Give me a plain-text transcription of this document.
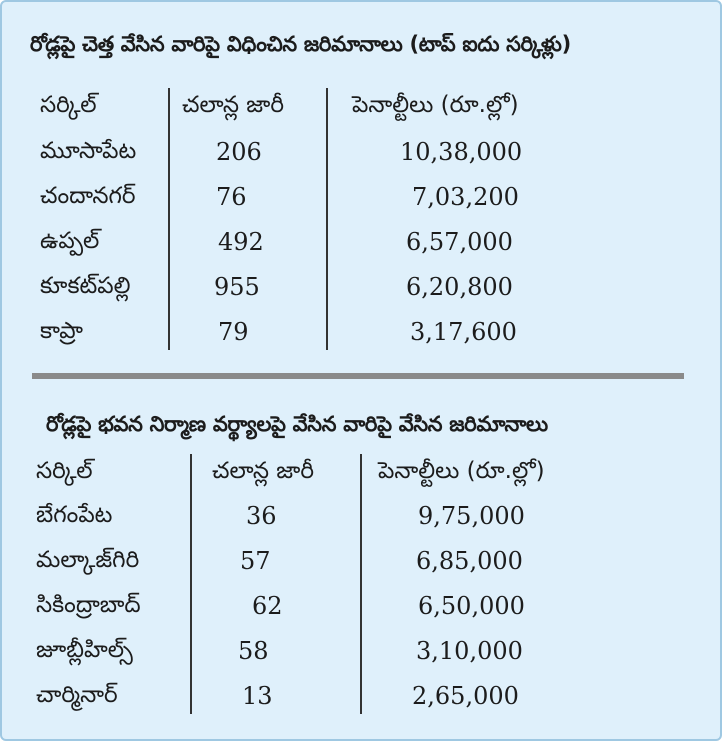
రోడ్లపై చెత్త వేసిన వారిపై విధించిన జరిమానాలు (టాప్ ఐదు సర్కిళ్లు)
సర్కిల్	చలాన్ల జారీ	పెనాల్టీలు (రూ.ల్లో)
మూసాపేట	206	10,38,000
చందానగర్	76	7,03,200
ఉప్పల్	492	6,57,000
కూకట్‌పల్లి	955	6,20,800
కాప్రా	79	3,17,600
రోడ్లపై భవన నిర్మాణ వర్థ్యాలపై వేసిన వారిపై వేసిన జరిమానాలు
సర్కిల్	చలాన్ల జారీ	పెనాల్టీలు (రూ.ల్లో)
బేగంపేట	36	9,75,000
మల్కాజ్‌గిరి	57	6,85,000
సికింద్రాబాద్	62	6,50,000
జూబ్లీహిల్స్	58	3,10,000
చార్మినార్	13	2,65,000
